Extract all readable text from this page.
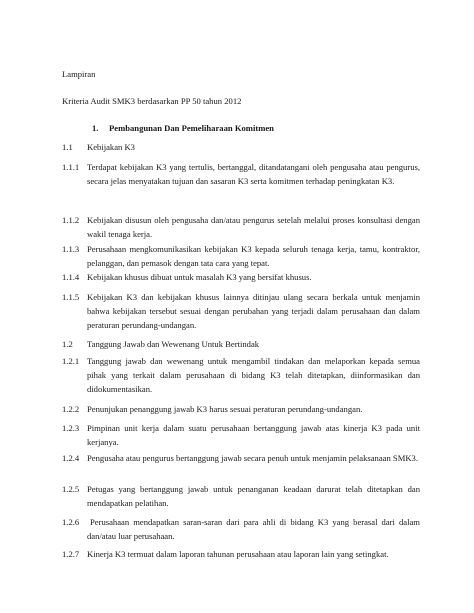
Lampiran
Kriteria Audit SMK3 berdasarkan PP 50 tahun 2012
1. Pembangunan Dan Pemeliharaan Komitmen
1.1 Kebijakan K3
1.1.1 Terdapat kebijakan K3 yang tertulis, bertanggal, ditandatangani oleh pengusaha atau pengurus, secara jelas menyatakan tujuan dan sasaran K3 serta komitmen terhadap peningkatan K3.
1.1.2 Kebijakan disusun oleh pengusaha dan/atau pengurus setelah melalui proses konsultasi dengan wakil tenaga kerja.
1.1.3 Perusahaan mengkomunikasikan kebijakan K3 kepada seluruh tenaga kerja, tamu, kontraktor, pelanggan, dan pemasok dengan tata cara yang tepat.
1.1.4 Kebijakan khusus dibuat untuk masalah K3 yang bersifat khusus.
1.1.5 Kebijakan K3 dan kebijakan khusus lainnya ditinjau ulang secara berkala untuk menjamin bahwa kebijakan tersebut sesuai dengan perubahan yang terjadi dalam perusahaan dan dalam peraturan perundang-undangan.
1.2 Tanggung Jawab dan Wewenang Untuk Bertindak
1.2.1 Tanggung jawab dan wewenang untuk mengambil tindakan dan melaporkan kepada semua pihak yang terkait dalam perusahaan di bidang K3 telah ditetapkan, diinformasikan dan didokumentasikan.
1.2.2 Penunjukan penanggung jawab K3 harus sesuai peraturan perundang-undangan.
1.2.3 Pimpinan unit kerja dalam suatu perusahaan bertanggung jawab atas kinerja K3 pada unit kerjanya.
1.2.4 Pengusaha atau pengurus bertanggung jawab secara penuh untuk menjamin pelaksanaan SMK3.
1.2.5 Petugas yang bertanggung jawab untuk penanganan keadaan darurat telah ditetapkan dan mendapatkan pelatihan.
1.2.6	Perusahaan mendapatkan saran-saran dari para ahli di bidang K3 yang berasal dari dalam dan/atau luar perusahaan.
1.2.7 Kinerja K3 termuat dalam laporan tahunan perusahaan atau laporan lain yang setingkat.
